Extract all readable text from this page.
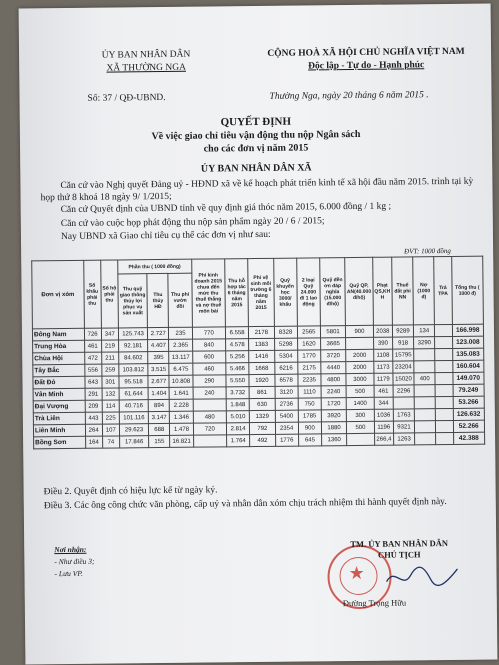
ỦY BAN NHÂN DÂN
XÃ THƯỜNG NGA
CỘNG HOÀ XÃ HỘI CHỦ NGHĨA VIỆT NAM
Độc lập - Tự do - Hạnh phúc
Số: 37 / QĐ-UBND.	Thường Nga, ngày 20 tháng 6 năm 2015 .
QUYẾT ĐỊNH
Về việc giao chỉ tiêu vận động thu nộp Ngân sách
cho các đơn vị năm 2015
ỦY BAN NHÂN DÂN XÃ
Căn cứ vào Nghị quyết Đảng uỷ - HĐND xã về kế hoạch phát triển kinh tế xã hội đầu năm 2015. trình tại kỳ họp thứ 8 khoá 18 ngày 9/ 1/2015;
Căn cứ Quyết định của UBND tỉnh về quy định giá thóc năm 2015, 6.000 đồng / 1 kg ;
Căn cứ vào cuộc họp phát động thu nộp sản phẩm ngày 20 / 6 / 2015;
Nay UBND xã Giao chỉ tiêu cụ thể các đơn vị như sau:
ĐVT: 1000 đồng
Đơn vị xóm	Số khẩu phải thu	Số hộ phải thu	Phần thu ( 1000 đồng)			Phí kinh doanh 2015 chưa đến mức thu thuế thắng và nợ thuế môn bài	Thu hỗ hợp tác 6 tháng năm 2015	Phí vệ sinh môi trường 6 tháng năm 2015	Quỹ khuyến học 3000/ khẩu	2 loại Quỹ 24.000 đ/ 1 lao động	Quỹ đền ơn đáp nghĩa (15.000 đ/hộ)	Quỹ QP, AN(40.000 đ/hộ)	Phạt QS,KH H	Thuế đất phi NN	Nợ (1000 đ)	Trả TPA	Tổng thu ( 1000 đ)
			Thu quỹ giao thông thủy lợi phục vụ sản xuất	Thu thủy HĐ	Thu phí vườn đồi												
Đông Nam	726	347	125.743	2.727	235	770	6.558	2178	8328	2565	5801	900	2038	9289	134		166.998
Trung Hòa	461	219	92.181	4.407	2.365	840	4.578	1383	5298	1620	3665		390	918	3290		123.008
Chùa Hội	472	211	84.602	395	13.117	600	5.256	1416	5304	1770	3720	2000	1108	15795			135.083
Tây Bắc	556	259	103.812	3.515	6.475	460	5.466	1668	6216	2175	4440	2000	1173	23204			160.604
Đất Đỏ	643	301	95.518	2.677	10.808	290	5.550	1920	6578	2235	4800	3000	1179	15020	400		149.070
Vân Minh	291	132	61.644	1.404	1.641	240	3.732	861	3120	1110	2240	500	461	2296			79.249
Đại Vượng	209	114	40.716	894	2.228		1.848	630	2736	750	1720	1400	344				53.266
Trà Liên	443	225	101.116	3.147	1.346	480	5.010	1329	5400	1785	3920	300	1036	1763			126.632
Liên Minh	264	107	29.623	688	1.478	720	2.814	792	2354	900	1880	500	1196	9321			52.266
Bồng Sơn	164	74	17.846	155	16.821		1.764	492	1776	645	1360		266,4	1263			42.388
Điều 2. Quyết định có hiệu lực kể từ ngày ký.
Điều 3. Các ông công chức văn phòng, cấp uỷ và nhân dân xóm chịu trách nhiệm thi hành quyết định này.
Nơi nhận:
- Như điều 3;
- Lưu VP.	★
TM. ỦY BAN NHÂN DÂN
CHỦ TỊCH
Đường Trọng Hữu
